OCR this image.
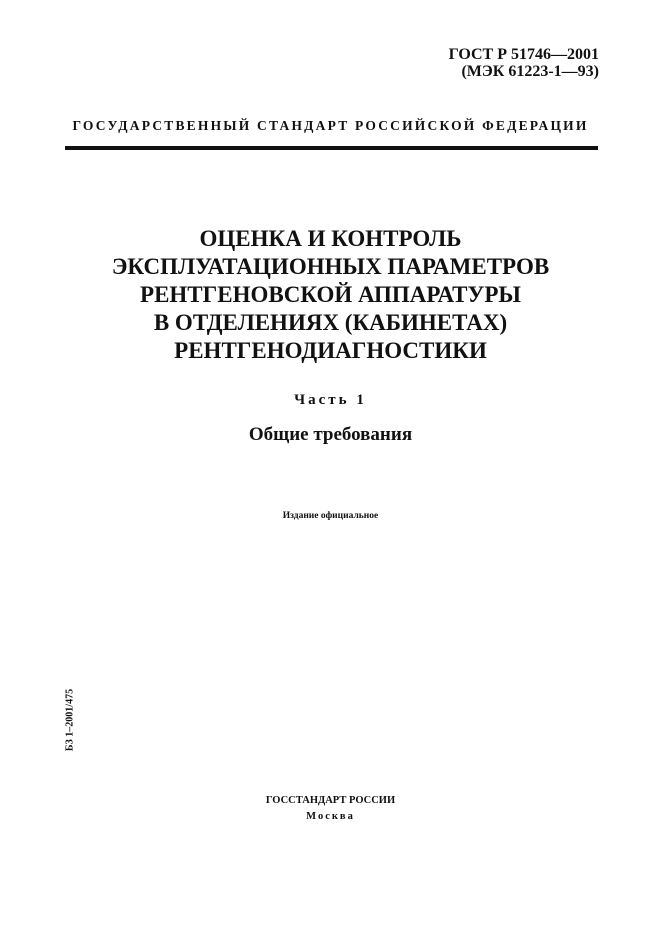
ГОСТ Р 51746—2001
(МЭК 61223-1—93)
ГОСУДАРСТВЕННЫЙ СТАНДАРТ РОССИЙСКОЙ ФЕДЕРАЦИИ
ОЦЕНКА И КОНТРОЛЬ
ЭКСПЛУАТАЦИОННЫХ ПАРАМЕТРОВ
РЕНТГЕНОВСКОЙ АППАРАТУРЫ
В ОТДЕЛЕНИЯХ (КАБИНЕТАХ)
РЕНТГЕНОДИАГНОСТИКИ
Часть 1
Общие требования
Издание официальное
БЗ 1–2001/475
ГОССТАНДАРТ РОССИИ
Москва
